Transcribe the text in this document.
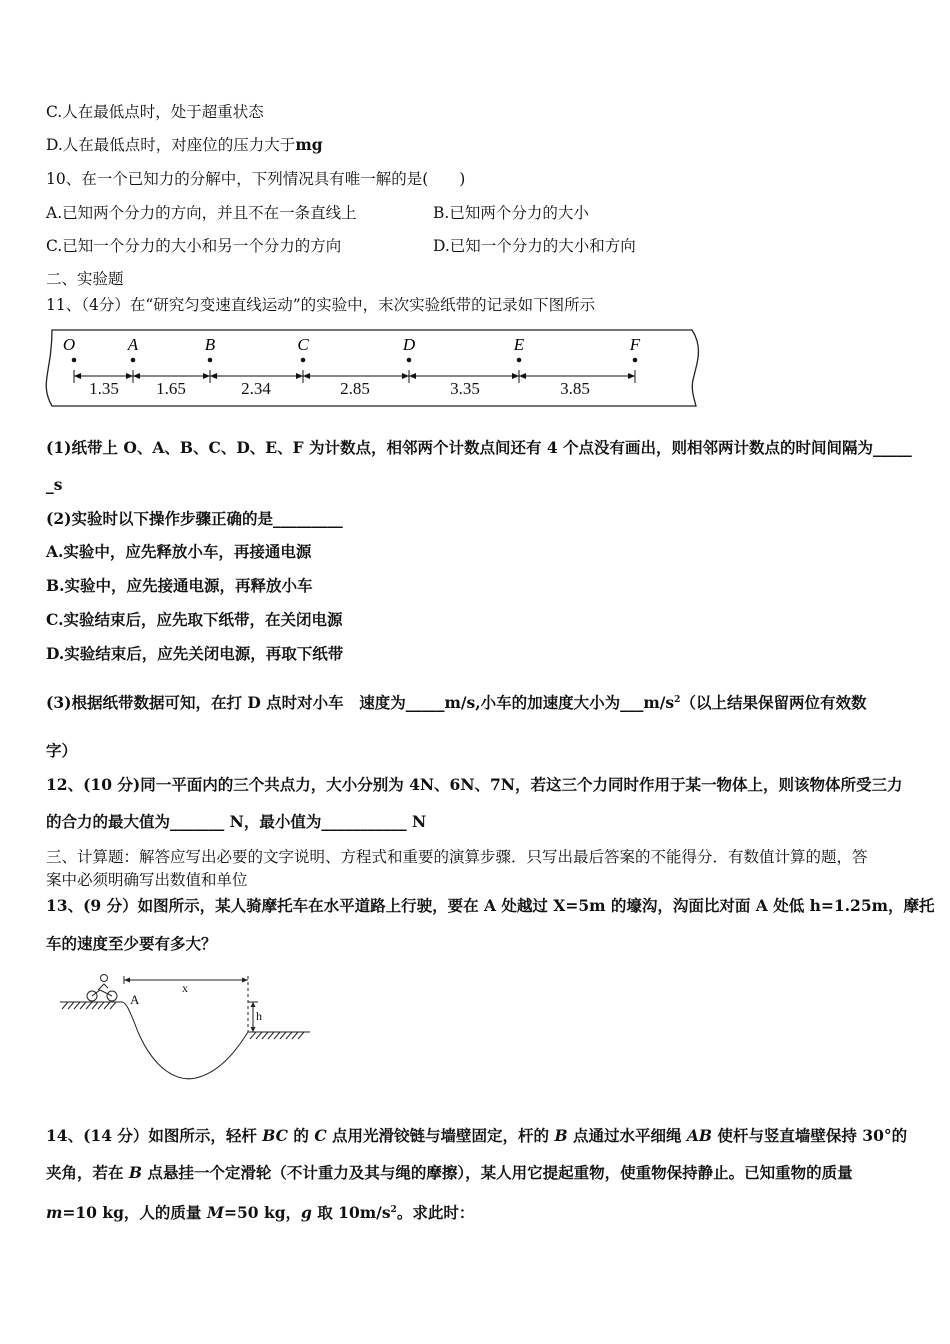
C.人在最低点时，处于超重状态
D.人在最低点时，对座位的压力大于mg
10、在一个已知力的分解中，下列情况具有唯一解的是(　　)
A.已知两个分力的方向，并且不在一条直线上	B.已知两个分力的大小
C.已知一个分力的大小和另一个分力的方向	D.已知一个分力的大小和方向
二、实验题
11、（4分）在“研究匀变速直线运动”的实验中，末次实验纸带的记录如下图所示
O	A	B	C	D	E	F
1.35 1.65	2.34	2.85	3.35	3.85
(1)纸带上 O、A、B、C、D、E、F 为计数点，相邻两个计数点间还有 4 个点没有画出，则相邻两计数点的时间间隔为_____
_s
(2)实验时以下操作步骤正确的是_________
A.实验中，应先释放小车，再接通电源
B.实验中，应先接通电源，再释放小车
C.实验结束后，应先取下纸带，在关闭电源
D.实验结束后，应先关闭电源，再取下纸带
(3)根据纸带数据可知，在打 D 点时对小车　速度为_____m/s,小车的加速度大小为$\_\_\_m/s^2$（以上结果保留两位有效数
字）
12、(10 分)同一平面内的三个共点力，大小分别为 4N、6N、7N，若这三个力同时作用于某一物体上，则该物体所受三力
的合力的最大值为_______ N，最小值为___________ N
三、计算题：解答应写出必要的文字说明、方程式和重要的演算步骤．只写出最后答案的不能得分．有数值计算的题，答
案中必须明确写出数值和单位
13、(9 分）如图所示，某人骑摩托车在水平道路上行驶，要在 A 处越过 X=5m 的壕沟，沟面比对面 A 处低 h=1.25m，摩托
车的速度至少要有多大？
A
x
h
14、(14 分）如图所示，轻杆 BC 的 C 点用光滑铰链与墙壁固定，杆的 B 点通过水平细绳 AB 使杆与竖直墙壁保持 30°的
夹角，若在 B 点悬挂一个定滑轮（不计重力及其与绳的摩擦），某人用它提起重物，使重物保持静止。已知重物的质量
m=10 kg，人的质量 M=50 kg，g 取 $10m/s^2$。求此时：
